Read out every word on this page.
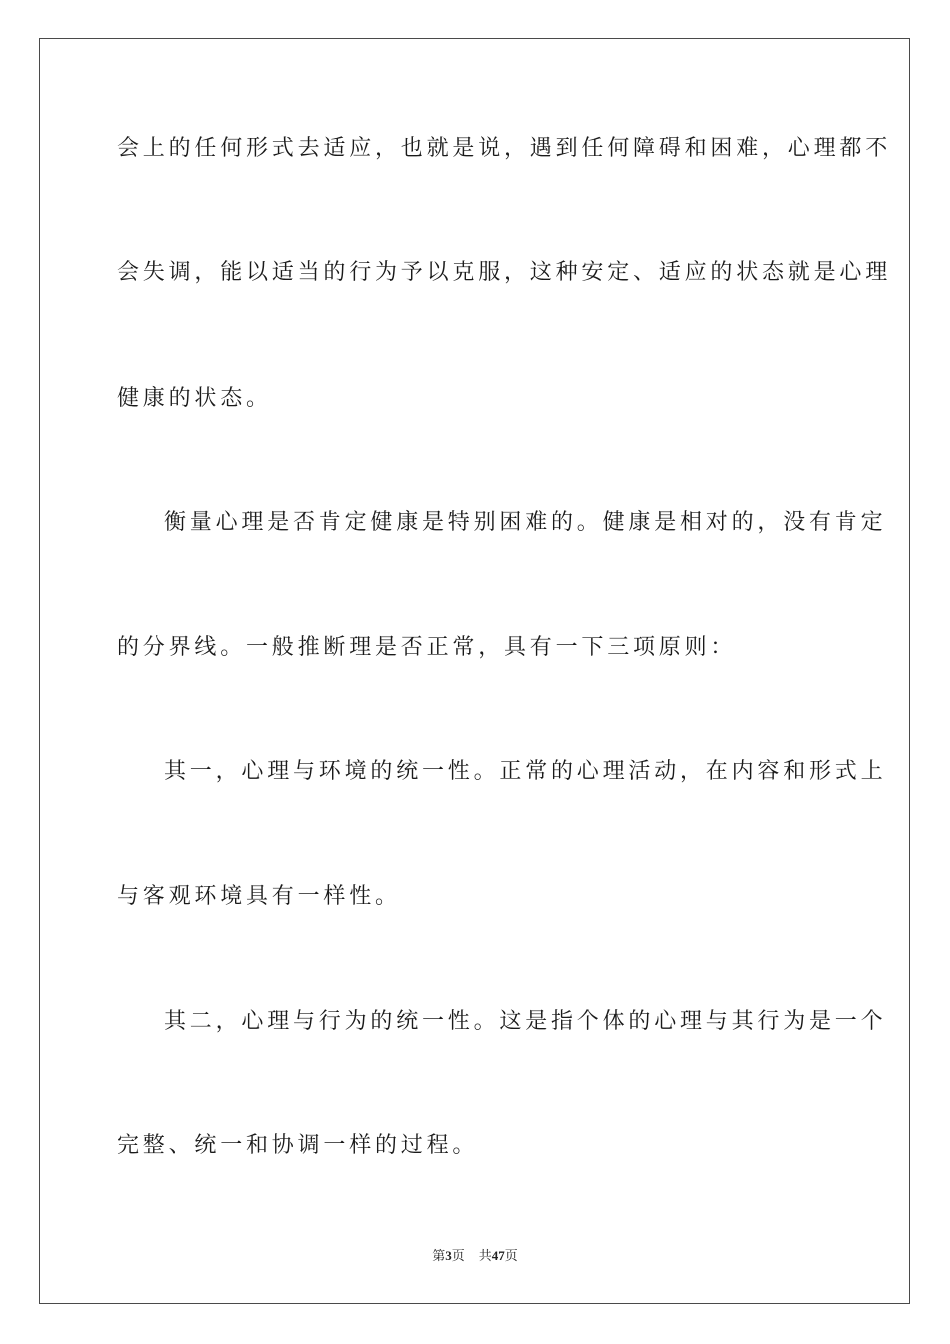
会上的任何形式去适应，也就是说，遇到任何障碍和困难，心理都不
会失调，能以适当的行为予以克服，这种安定、适应的状态就是心理
健康的状态。
衡量心理是否肯定健康是特别困难的。健康是相对的，没有肯定
的分界线。一般推断理是否正常，具有一下三项原则：
其一，心理与环境的统一性。正常的心理活动，在内容和形式上
与客观环境具有一样性。
其二，心理与行为的统一性。这是指个体的心理与其行为是一个
完整、统一和协调一样的过程。
第3页 共47页
